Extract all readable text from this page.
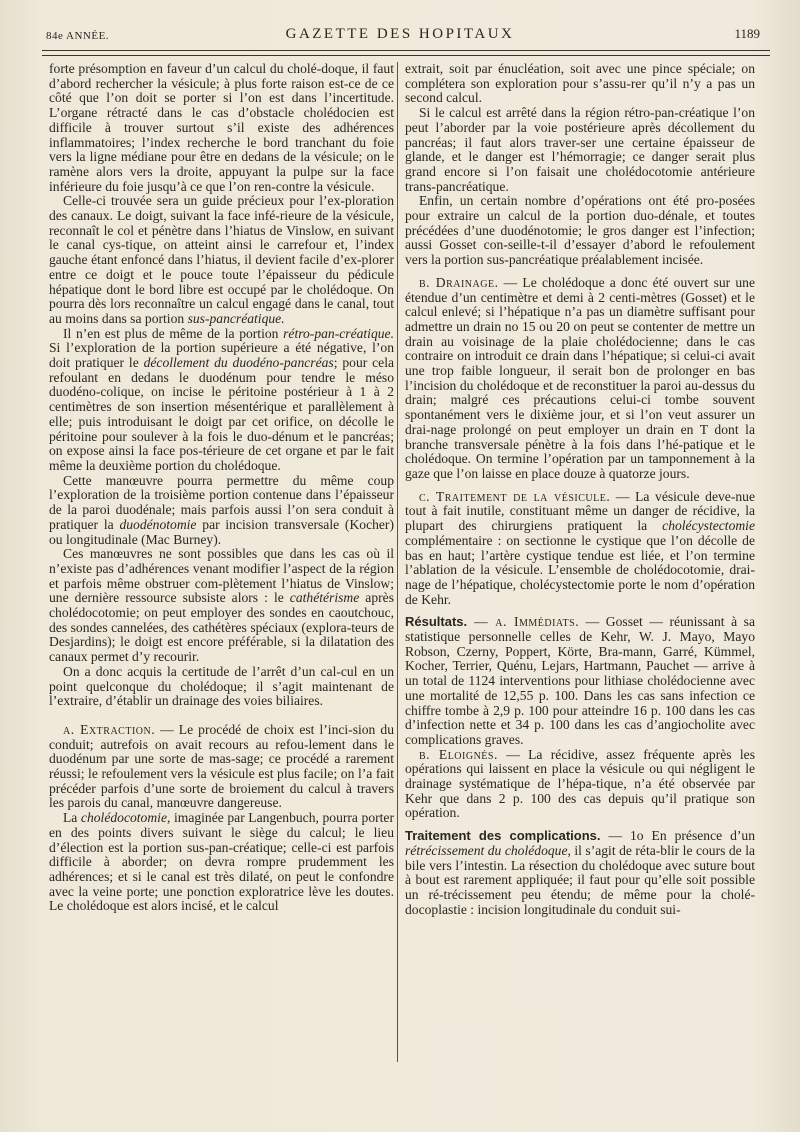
84e ANNÉE.	GAZETTE DES HOPITAUX	1189

forte présomption en faveur d’un calcul du cholé-doque, il faut d’abord rechercher la vésicule; à plus forte raison est-ce de ce côté que l’on doit se porter si l’on est dans l’incertitude. L’organe rétracté dans le cas d’obstacle cholédocien est difficile à trouver surtout s’il existe des adhérences inflammatoires; l’index recherche le bord tranchant du foie vers la ligne médiane pour être en dedans de la vésicule; on le ramène alors vers la droite, appuyant la pulpe sur la face inférieure du foie jusqu’à ce que l’on ren-contre la vésicule.

Celle-ci trouvée sera un guide précieux pour l’ex-ploration des canaux. Le doigt, suivant la face infé-rieure de la vésicule, reconnaît le col et pénètre dans l’hiatus de Vinslow, en suivant le canal cys-tique, on atteint ainsi le carrefour et, l’index gauche étant enfoncé dans l’hiatus, il devient facile d’ex-plorer entre ce doigt et le pouce toute l’épaisseur du pédicule hépatique dont le bord libre est occupé par le cholédoque. On pourra dès lors reconnaître un calcul engagé dans le canal, tout au moins dans sa portion sus-pancréatique.

Il n’en est plus de même de la portion rétro-pan-créatique. Si l’exploration de la portion supérieure a été négative, l’on doit pratiquer le décollement du duodéno-pancréas; pour cela refoulant en dedans le duodénum pour tendre le méso duodéno-colique, on incise le péritoine postérieur à 1 à 2 centimètres de son insertion mésentérique et parallèlement à elle; puis introduisant le doigt par cet orifice, on décolle le péritoine pour soulever à la fois le duo-dénum et le pancréas; on expose ainsi la face pos-térieure de cet organe et par le fait même la deuxième portion du cholédoque.

Cette manœuvre pourra permettre du même coup l’exploration de la troisième portion contenue dans l’épaisseur de la paroi duodénale; mais parfois aussi l’on sera conduit à pratiquer la duodénotomie par incision transversale (Kocher) ou longitudinale (Mac Burney).

Ces manœuvres ne sont possibles que dans les cas où il n’existe pas d’adhérences venant modifier l’aspect de la région et parfois même obstruer com-plètement l’hiatus de Vinslow; une dernière ressource subsiste alors : le cathétérisme après cholédocotomie; on peut employer des sondes en caoutchouc, des sondes cannelées, des cathétères spéciaux (explora-teurs de Desjardins); le doigt est encore préférable, si la dilatation des canaux permet d’y recourir.

On a donc acquis la certitude de l’arrêt d’un cal-cul en un point quelconque du cholédoque; il s’agit maintenant de l’extraire, d’établir un drainage des voies biliaires.

a. Extraction. — Le procédé de choix est l’inci-sion du conduit; autrefois on avait recours au refou-lement dans le duodénum par une sorte de mas-sage; ce procédé a rarement réussi; le refoulement vers la vésicule est plus facile; on l’a fait précéder parfois d’une sorte de broiement du calcul à travers les parois du canal, manœuvre dangereuse.

La cholédocotomie, imaginée par Langenbuch, pourra porter en des points divers suivant le siège du calcul; le lieu d’élection est la portion sus-pan-créatique; celle-ci est parfois difficile à aborder; on devra rompre prudemment les adhérences; et si le canal est très dilaté, on peut le confondre avec la veine porte; une ponction exploratrice lève les doutes. Le cholédoque est alors incisé, et le calcul

extrait, soit par énucléation, soit avec une pince spéciale; on complétera son exploration pour s’assu-rer qu’il n’y a pas un second calcul.

Si le calcul est arrêté dans la région rétro-pan-créatique l’on peut l’aborder par la voie postérieure après décollement du pancréas; il faut alors traver-ser une certaine épaisseur de glande, et le danger est l’hémorragie; ce danger serait plus grand encore si l’on faisait une cholédocotomie antérieure trans-pancréatique.

Enfin, un certain nombre d’opérations ont été pro-posées pour extraire un calcul de la portion duo-dénale, et toutes précédées d’une duodénotomie; le gros danger est l’infection; aussi Gosset con-seille-t-il d’essayer d’abord le refoulement vers la portion sus-pancréatique préalablement incisée.

b. Drainage. — Le cholédoque a donc été ouvert sur une étendue d’un centimètre et demi à 2 centi-mètres (Gosset) et le calcul enlevé; si l’hépatique n’a pas un diamètre suffisant pour admettre un drain no 15 ou 20 on peut se contenter de mettre un drain au voisinage de la plaie cholédocienne; dans le cas contraire on introduit ce drain dans l’hépatique; si celui-ci avait une trop faible longueur, il serait bon de prolonger en bas l’incision du cholédoque et de reconstituer la paroi au-dessus du drain; malgré ces précautions celui-ci tombe souvent spontanément vers le dixième jour, et si l’on veut assurer un drai-nage prolongé on peut employer un drain en T dont la branche transversale pénètre à la fois dans l’hé-patique et le cholédoque. On termine l’opération par un tamponnement à la gaze que l’on laisse en place douze à quatorze jours.

c. Traitement de la vésicule. — La vésicule deve-nue tout à fait inutile, constituant même un danger de récidive, la plupart des chirurgiens pratiquent la cholécystectomie complémentaire : on sectionne le cystique que l’on décolle de bas en haut; l’artère cystique tendue est liée, et l’on termine l’ablation de la vésicule. L’ensemble de cholédocotomie, drai-nage de l’hépatique, cholécystectomie porte le nom d’opération de Kehr.

Résultats. — a. Immédiats. — Gosset — réunissant à sa statistique personnelle celles de Kehr, W. J. Mayo, Mayo Robson, Czerny, Poppert, Körte, Bra-mann, Garré, Kümmel, Kocher, Terrier, Quénu, Lejars, Hartmann, Pauchet — arrive à un total de 1124 interventions pour lithiase cholédocienne avec une mortalité de 12,55 p. 100. Dans les cas sans infection ce chiffre tombe à 2,9 p. 100 pour atteindre 16 p. 100 dans les cas d’infection nette et 34 p. 100 dans les cas d’angiocholite avec complications graves.

b. Eloignés. — La récidive, assez fréquente après les opérations qui laissent en place la vésicule ou qui négligent le drainage systématique de l’hépa-tique, n’a été observée par Kehr que dans 2 p. 100 des cas depuis qu’il pratique son opération.

Traitement des complications. — 1o En présence d’un rétrécissement du cholédoque, il s’agit de réta-blir le cours de la bile vers l’intestin. La résection du cholédoque avec suture bout à bout est rarement appliquée; il faut pour qu’elle soit possible un ré-trécissement peu étendu; de même pour la cholé-docoplastie : incision longitudinale du conduit sui-
